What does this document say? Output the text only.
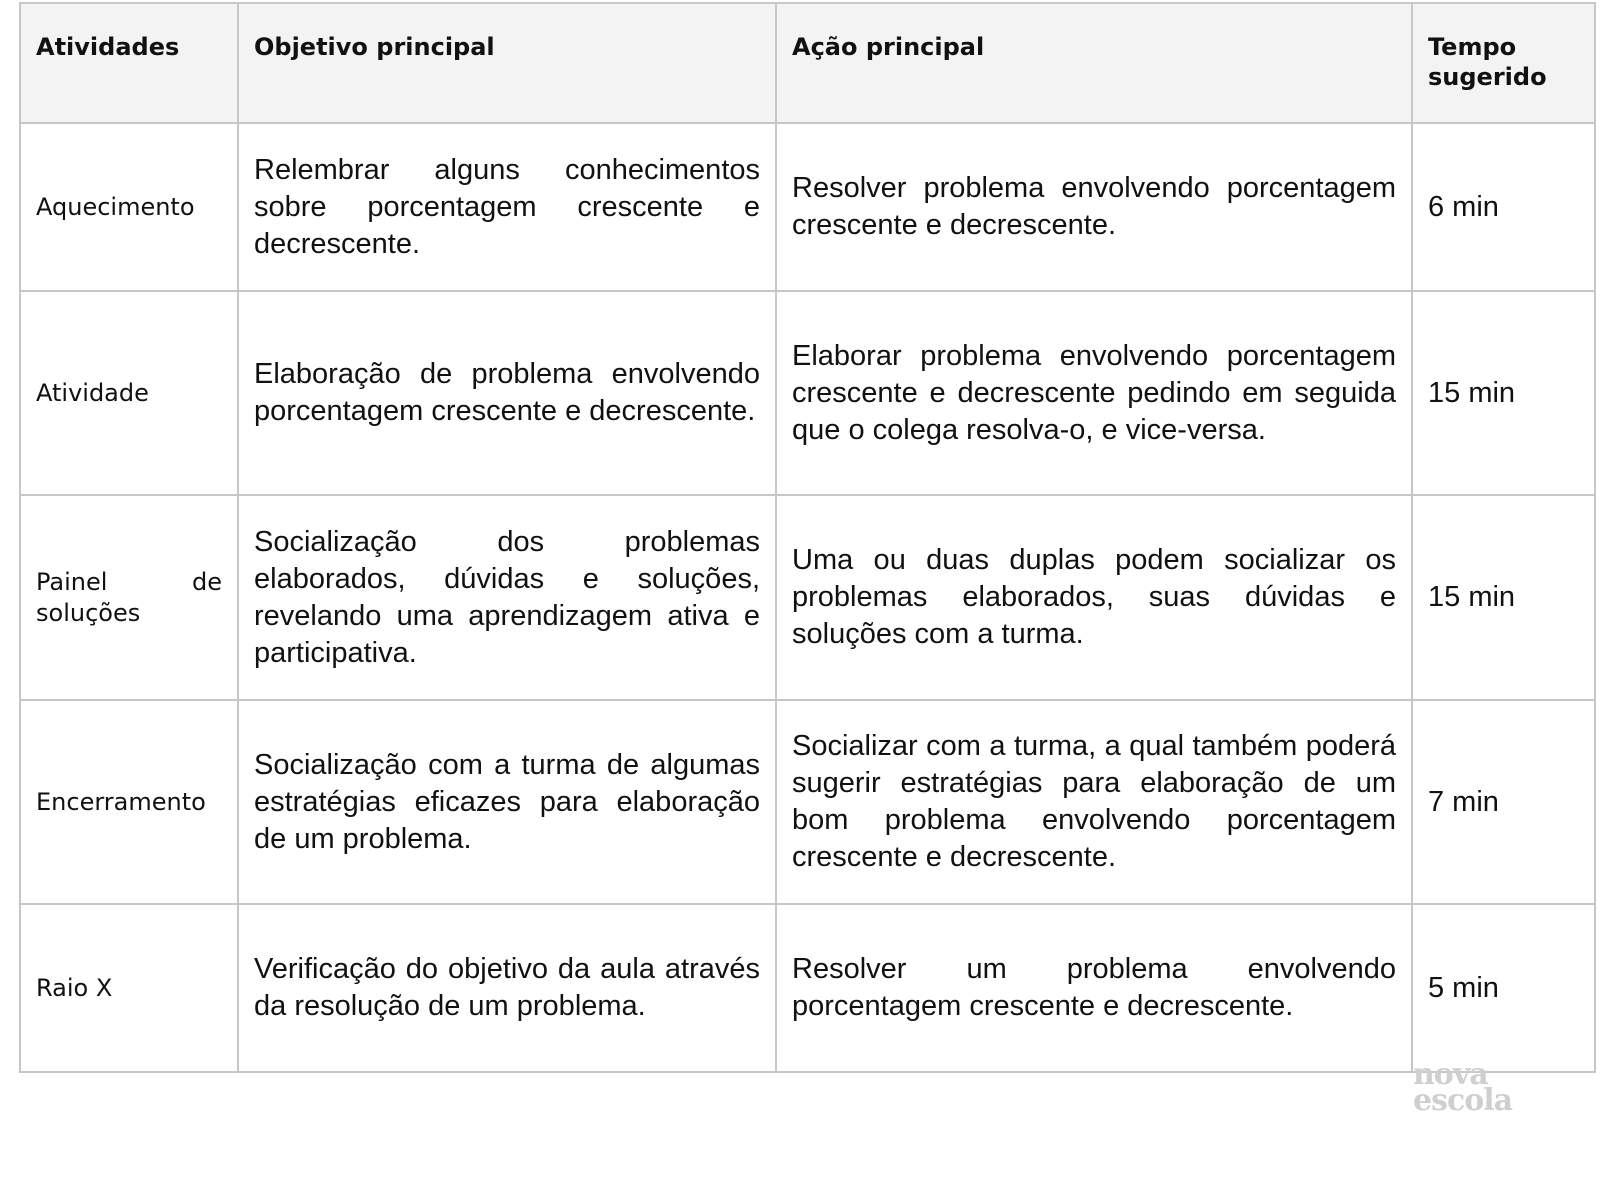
Atividades	Objetivo principal	Ação principal	Tempo sugerido
Aquecimento	Relembrar alguns conhecimentos sobre porcentagem crescente e decrescente.	Resolver problema envolvendo porcentagem crescente e decrescente.	6 min
Atividade	Elaboração de problema envolvendo porcentagem crescente e decrescente.	Elaborar problema envolvendo porcentagem crescente e decrescente pedindo em seguida que o colega resolva-o, e vice-versa.	15 min
Painel de soluções	Socialização dos problemas elaborados, dúvidas e soluções, revelando uma aprendizagem ativa e participativa.	Uma ou duas duplas podem socializar os problemas elaborados, suas dúvidas e soluções com a turma.	15 min
Encerramento	Socialização com a turma de algumas estratégias eficazes para elaboração de um problema.	Socializar com a turma, a qual também poderá sugerir estratégias para elaboração de um bom problema envolvendo porcentagem crescente e decrescente.	7 min
Raio X	Verificação do objetivo da aula através da resolução de um problema.	Resolver um problema envolvendo porcentagem crescente e decrescente.	5 min
nova
escola
